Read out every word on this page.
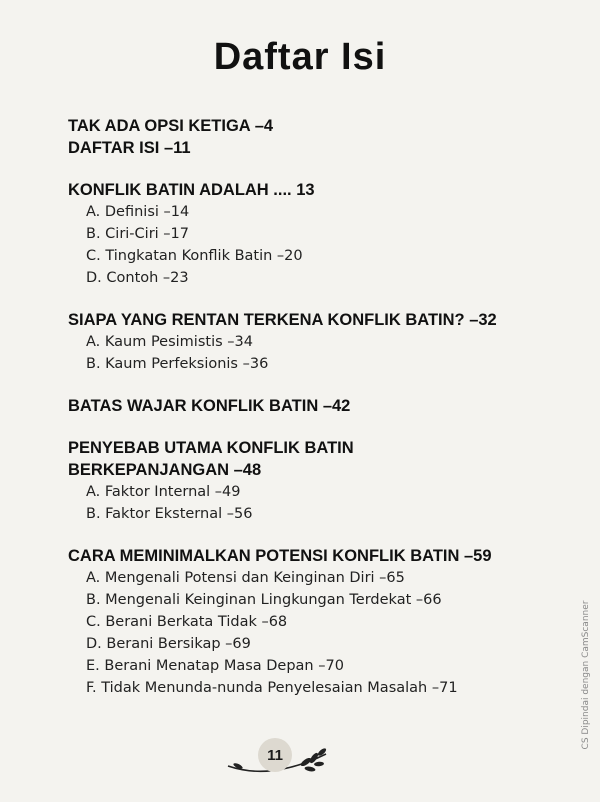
Daftar Isi
TAK ADA OPSI KETIGA –4
DAFTAR ISI –11
KONFLIK BATIN ADALAH .... 13
A. Definisi –14
B. Ciri-Ciri –17
C. Tingkatan Konflik Batin –20
D. Contoh –23
SIAPA YANG RENTAN TERKENA KONFLIK BATIN? –32
A. Kaum Pesimistis –34
B. Kaum Perfeksionis –36
BATAS WAJAR KONFLIK BATIN –42
PENYEBAB UTAMA KONFLIK BATIN
BERKEPANJANGAN –48
A. Faktor Internal –49
B. Faktor Eksternal –56
CARA MEMINIMALKAN POTENSI KONFLIK BATIN –59
A. Mengenali Potensi dan Keinginan Diri –65
B. Mengenali Keinginan Lingkungan Terdekat –66
C. Berani Berkata Tidak –68
D. Berani Bersikap –69
E. Berani Menatap Masa Depan –70
F. Tidak Menunda-nunda Penyelesaian Masalah –71
11
CS Dipindai dengan CamScanner
